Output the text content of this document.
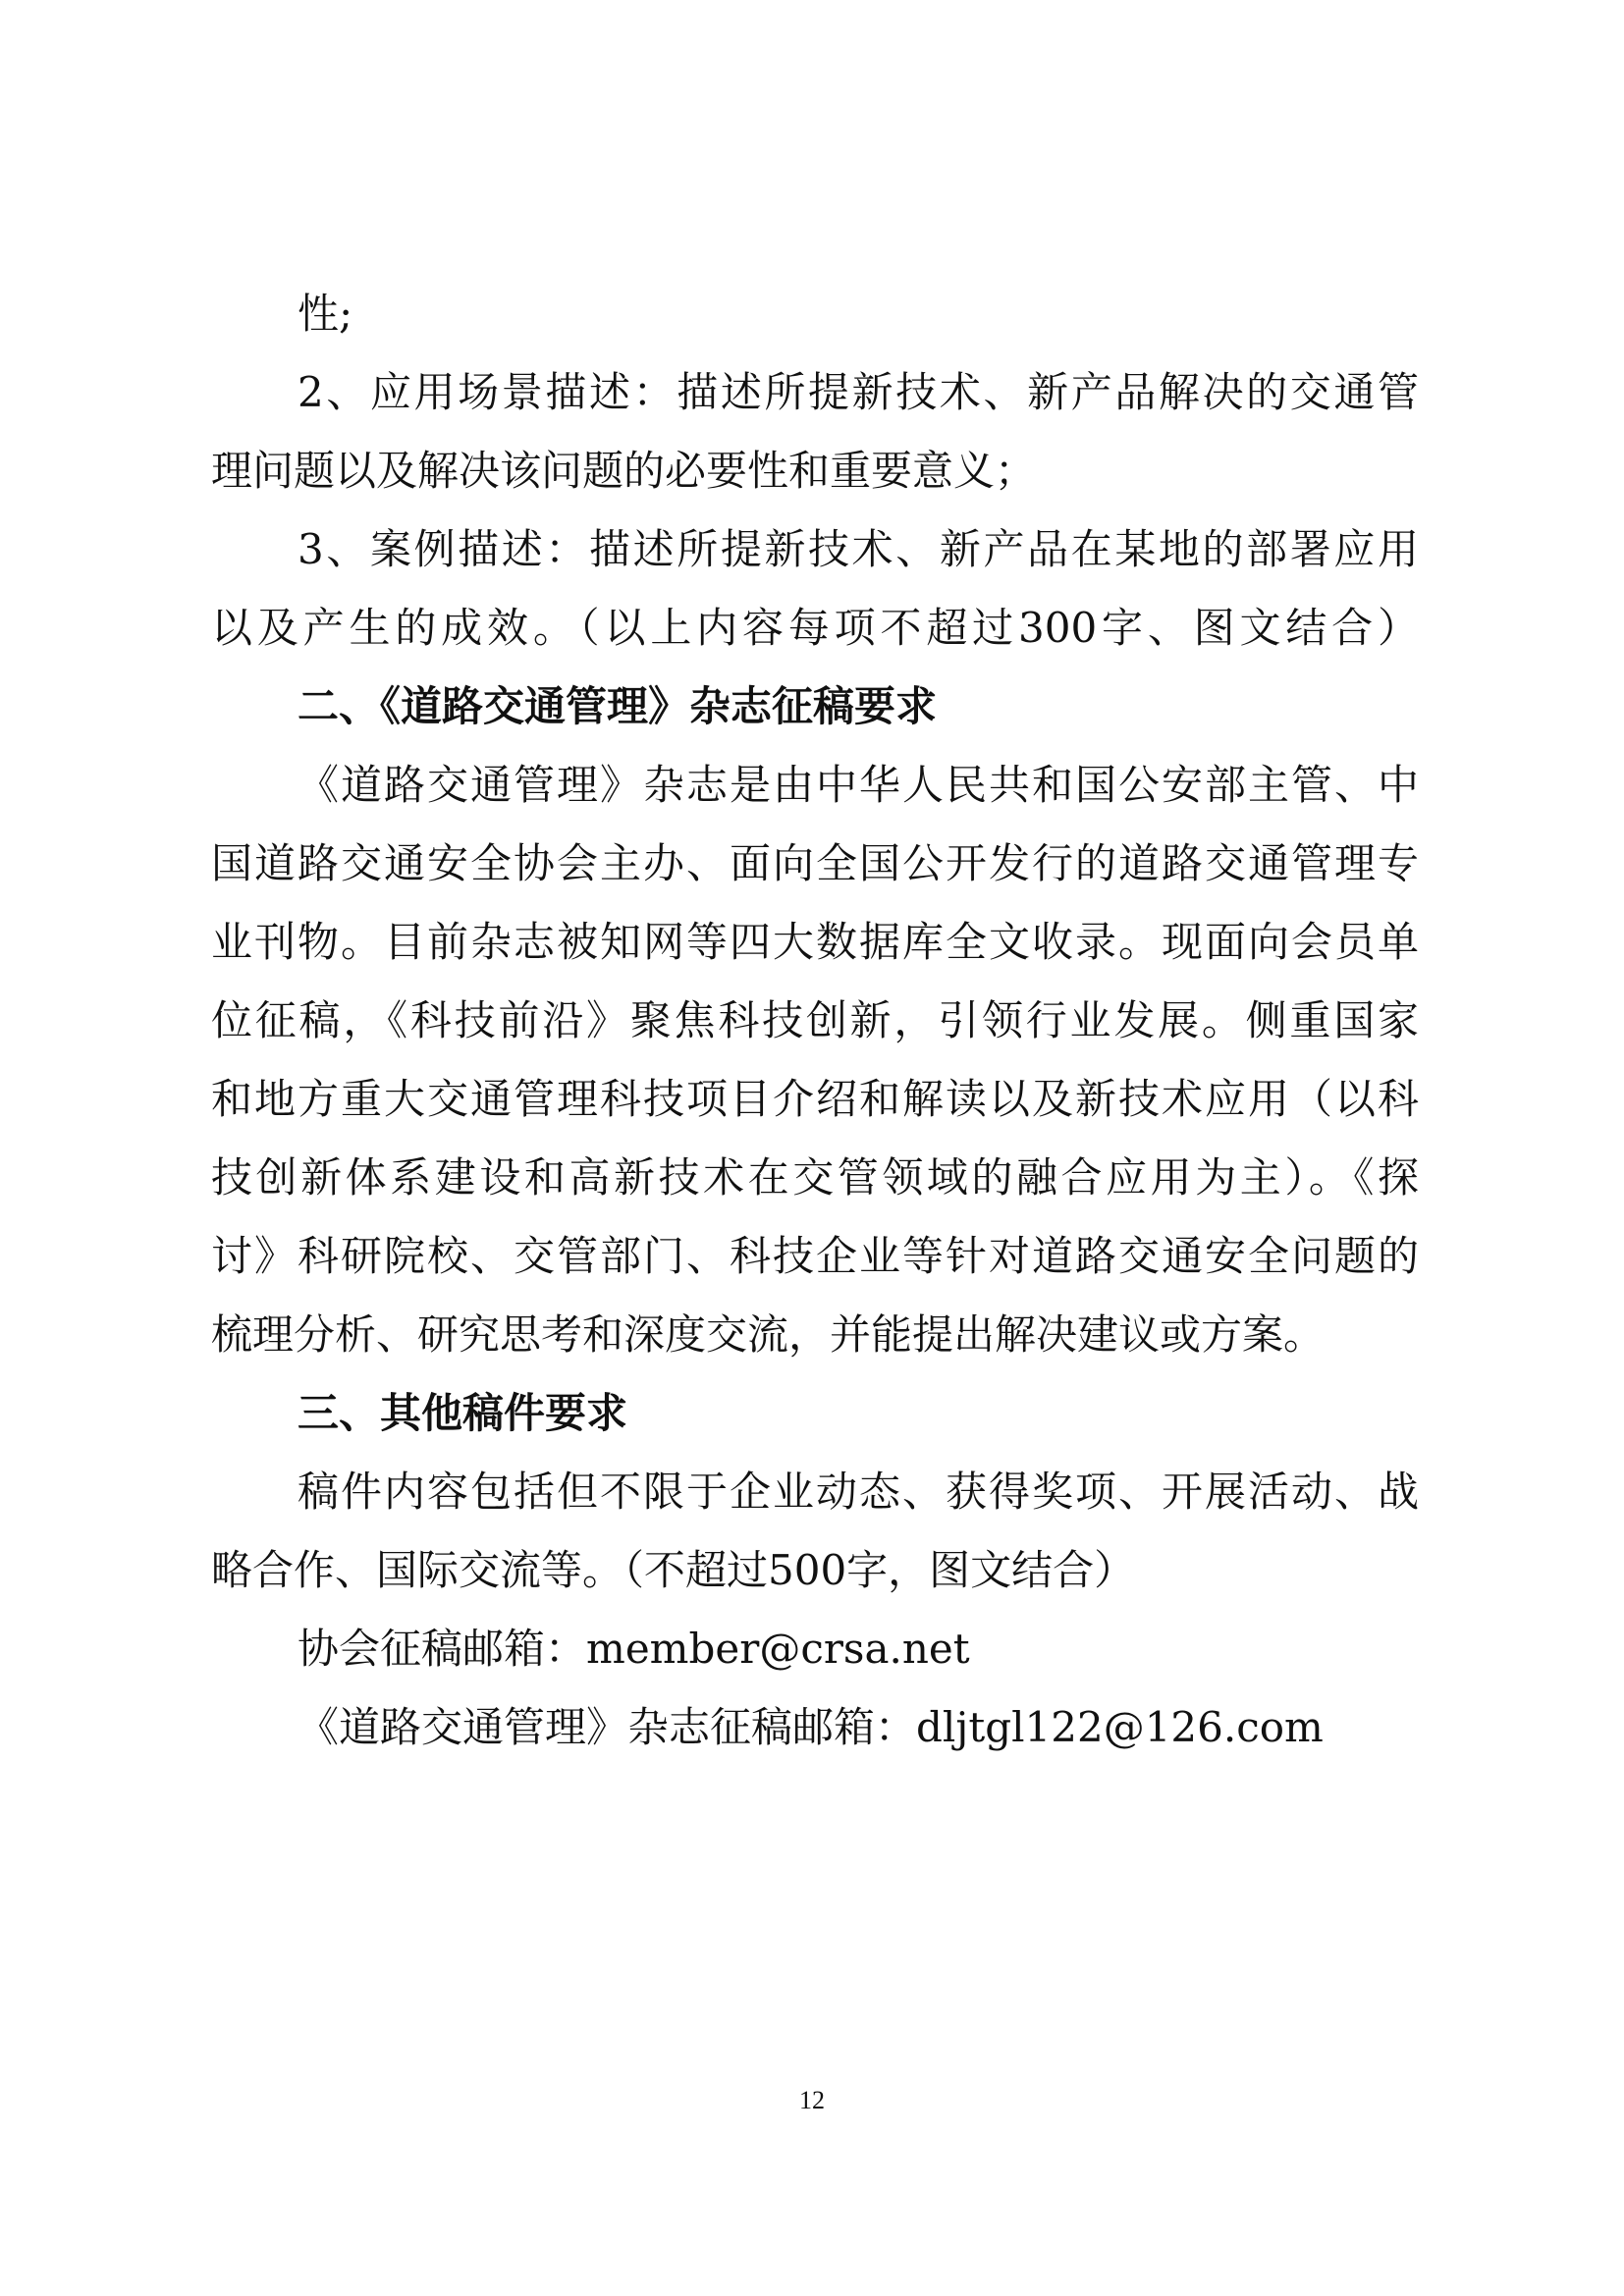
性;
2、应用场景描述：描述所提新技术、新产品解决的交通管
理问题以及解决该问题的必要性和重要意义；
3、案例描述：描述所提新技术、新产品在某地的部署应用
以及产生的成效。（以上内容每项不超过300字、图文结合）
二、《道路交通管理》杂志征稿要求
《道路交通管理》杂志是由中华人民共和国公安部主管、中
国道路交通安全协会主办、面向全国公开发行的道路交通管理专
业刊物。目前杂志被知网等四大数据库全文收录。现面向会员单
位征稿，《科技前沿》聚焦科技创新，引领行业发展。侧重国家
和地方重大交通管理科技项目介绍和解读以及新技术应用（以科
技创新体系建设和高新技术在交管领域的融合应用为主）。《探
讨》科研院校、交管部门、科技企业等针对道路交通安全问题的
梳理分析、研究思考和深度交流，并能提出解决建议或方案。
三、其他稿件要求
稿件内容包括但不限于企业动态、获得奖项、开展活动、战
略合作、国际交流等。（不超过500字，图文结合）
协会征稿邮箱：member@crsa.net
《道路交通管理》杂志征稿邮箱：dljtgl122@126.com
12
